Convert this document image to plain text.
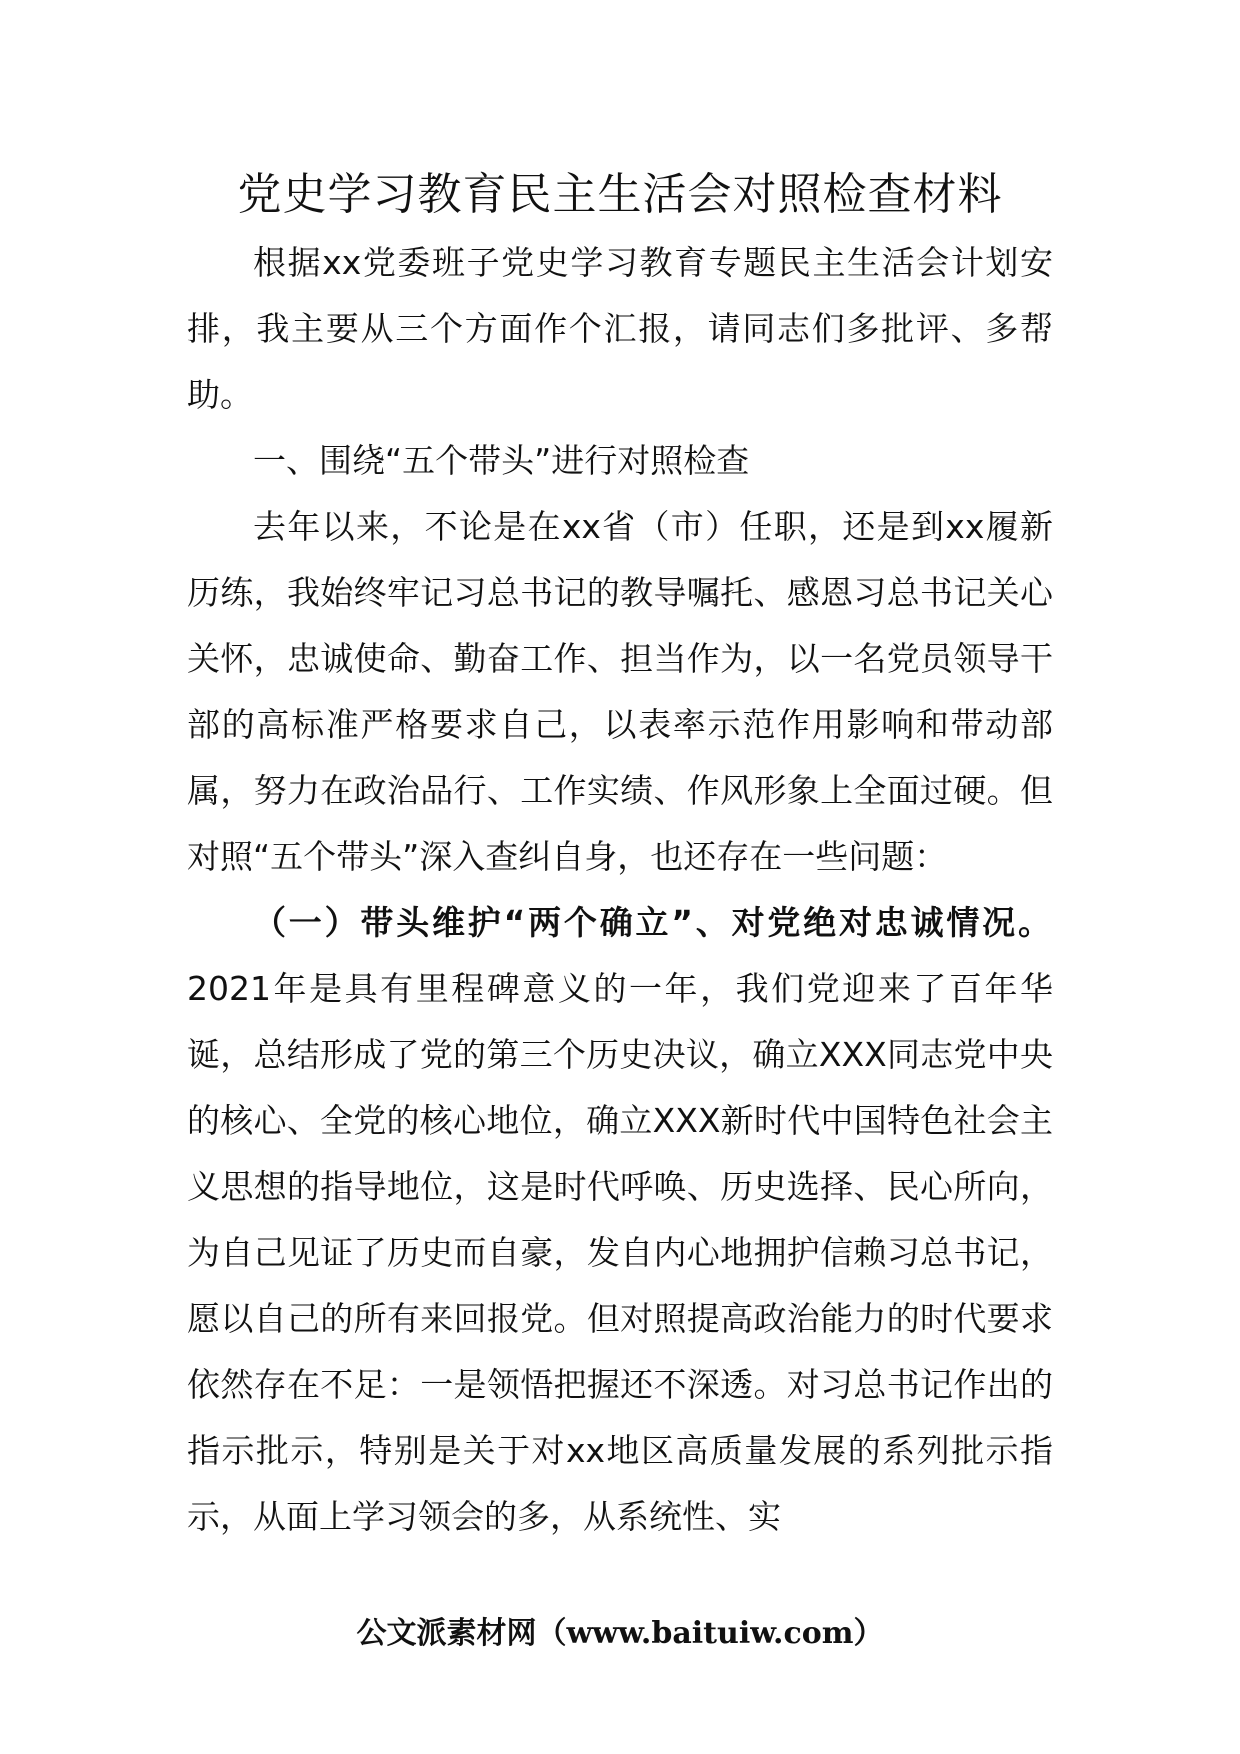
党史学习教育民主生活会对照检查材料

根据xx党委班子党史学习教育专题民主生活会计划安排，我主要从三个方面作个汇报，请同志们多批评、多帮助。

一、围绕“五个带头”进行对照检查

去年以来，不论是在xx省（市）任职，还是到xx履新历练，我始终牢记习总书记的教导嘱托、感恩习总书记关心关怀，忠诚使命、勤奋工作、担当作为，以一名党员领导干部的高标准严格要求自己，以表率示范作用影响和带动部属，努力在政治品行、工作实绩、作风形象上全面过硬。但对照“五个带头”深入查纠自身，也还存在一些问题：

（一）带头维护“两个确立”、对党绝对忠诚情况。2021年是具有里程碑意义的一年，我们党迎来了百年华诞，总结形成了党的第三个历史决议，确立XXX同志党中央的核心、全党的核心地位，确立XXX新时代中国特色社会主义思想的指导地位，这是时代呼唤、历史选择、民心所向，为自己见证了历史而自豪，发自内心地拥护信赖习总书记，愿以自己的所有来回报党。但对照提高政治能力的时代要求依然存在不足：一是领悟把握还不深透。对习总书记作出的指示批示，特别是关于对xx地区高质量发展的系列批示指示，从面上学习领会的多，从系统性、实

公文派素材网（www.baituiw.com）
